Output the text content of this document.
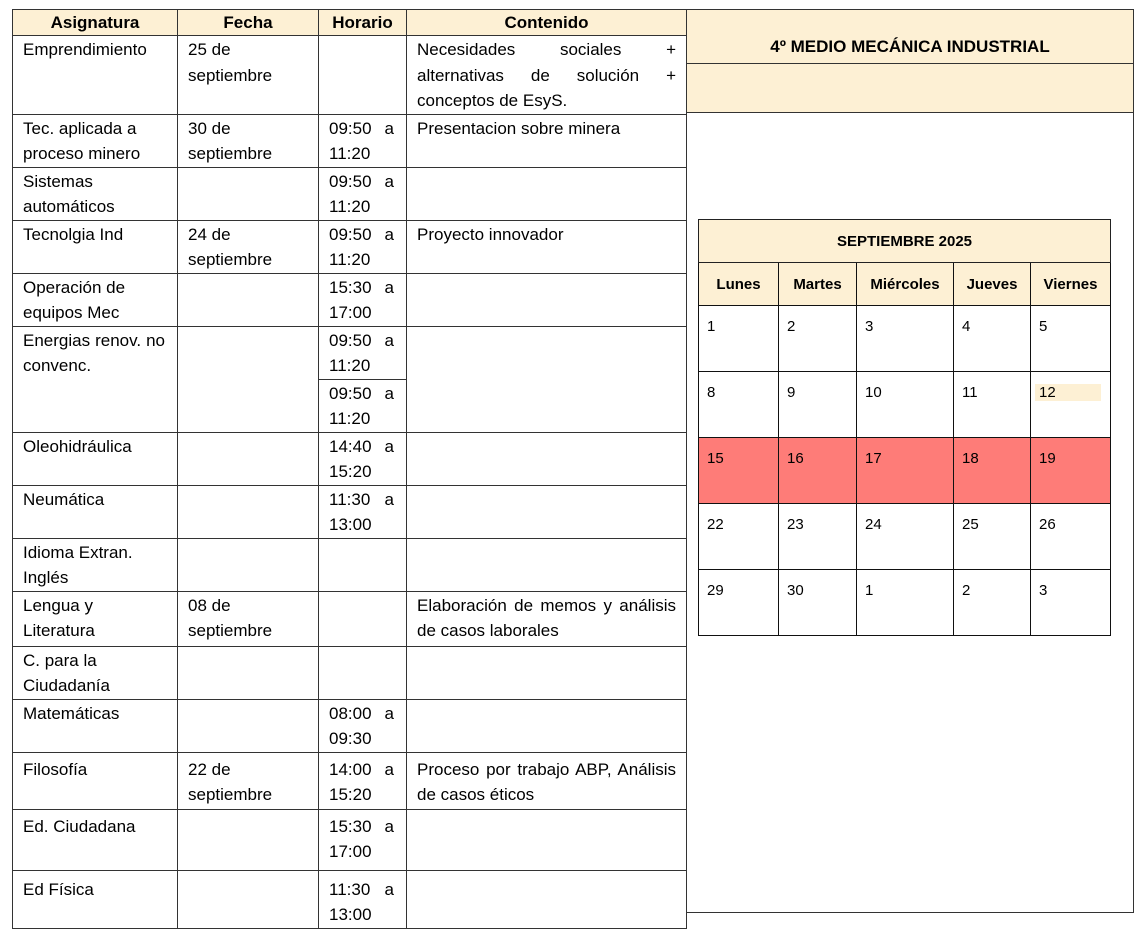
Asignatura	Fecha	Horario	Contenido
Emprendimiento	25 de septiembre		Necesidades sociales + alternativas de solución + conceptos de EsyS.
Tec. aplicada a proceso minero	30 de septiembre	09:50 a 11:20	Presentacion sobre minera
Sistemas automáticos		09:50 a 11:20	
Tecnolgia Ind	24 de septiembre	09:50 a 11:20	Proyecto innovador
Operación de equipos Mec		15:30 a 17:00	
Energias renov. no convenc.		09:50 a 11:20	
		09:50 a 11:20	
Oleohidráulica		14:40 a 15:20	
Neumática		11:30 a 13:00	
Idioma Extran. Inglés			
Lengua y Literatura	08 de septiembre		Elaboración de memos y análisis de casos laborales
C. para la Ciudadanía			
Matemáticas		08:00 a 09:30	
Filosofía	22 de septiembre	14:00 a 15:20	Proceso por trabajo ABP, Análisis de casos éticos
Ed. Ciudadana		15:30 a 17:00	
Ed Física		11:30 a 13:00	
4º MEDIO MECÁNICA INDUSTRIAL
SEPTIEMBRE 2025				
Lunes	Martes	Miércoles	Jueves	Viernes
1	2	3	4	5
8	9	10	11	12
15	16	17	18	19
22	23	24	25	26
29	30	1	2	3
